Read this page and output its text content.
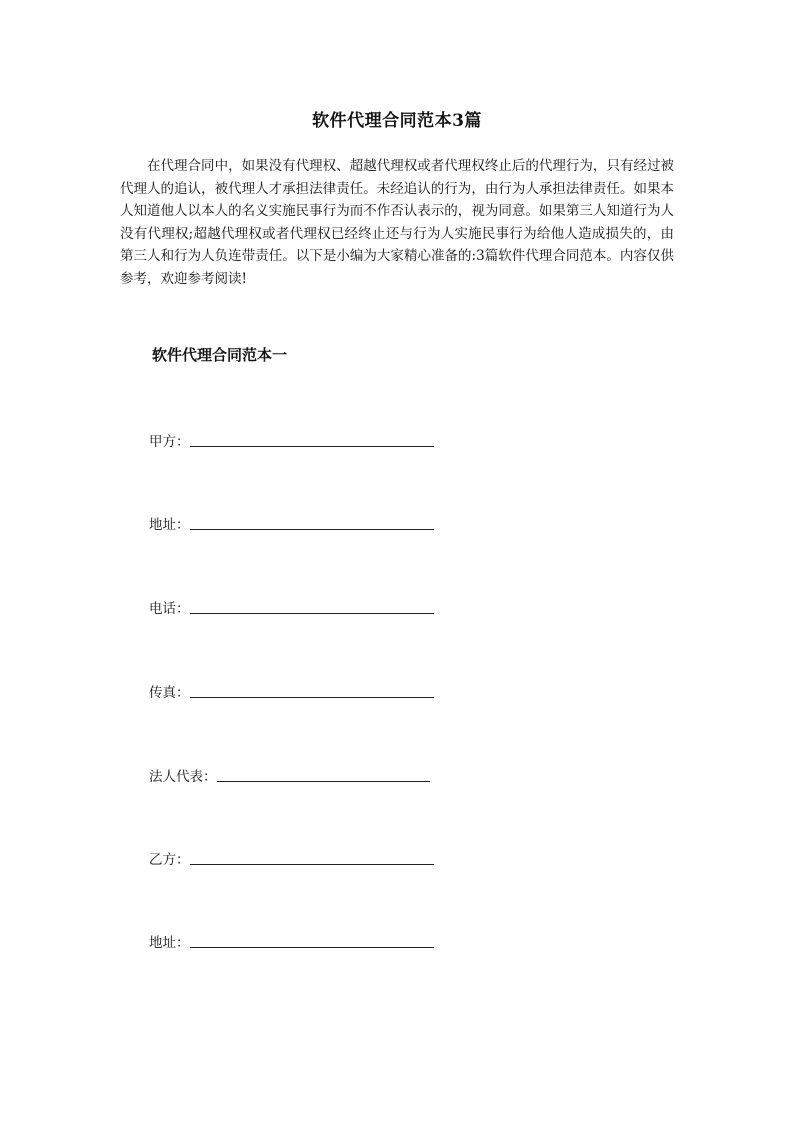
软件代理合同范本3篇

在代理合同中，如果没有代理权、超越代理权或者代理权终止后的代理行为，只有经过被代理人的追认，被代理人才承担法律责任。未经追认的行为，由行为人承担法律责任。如果本人知道他人以本人的名义实施民事行为而不作否认表示的，视为同意。如果第三人知道行为人没有代理权;超越代理权或者代理权已经终止还与行为人实施民事行为给他人造成损失的，由第三人和行为人负连带责任。以下是小编为大家精心准备的:3篇软件代理合同范本。内容仅供参考，欢迎参考阅读!

软件代理合同范本一
甲方：
地址：
电话：
传真：
法人代表：
乙方：
地址：
